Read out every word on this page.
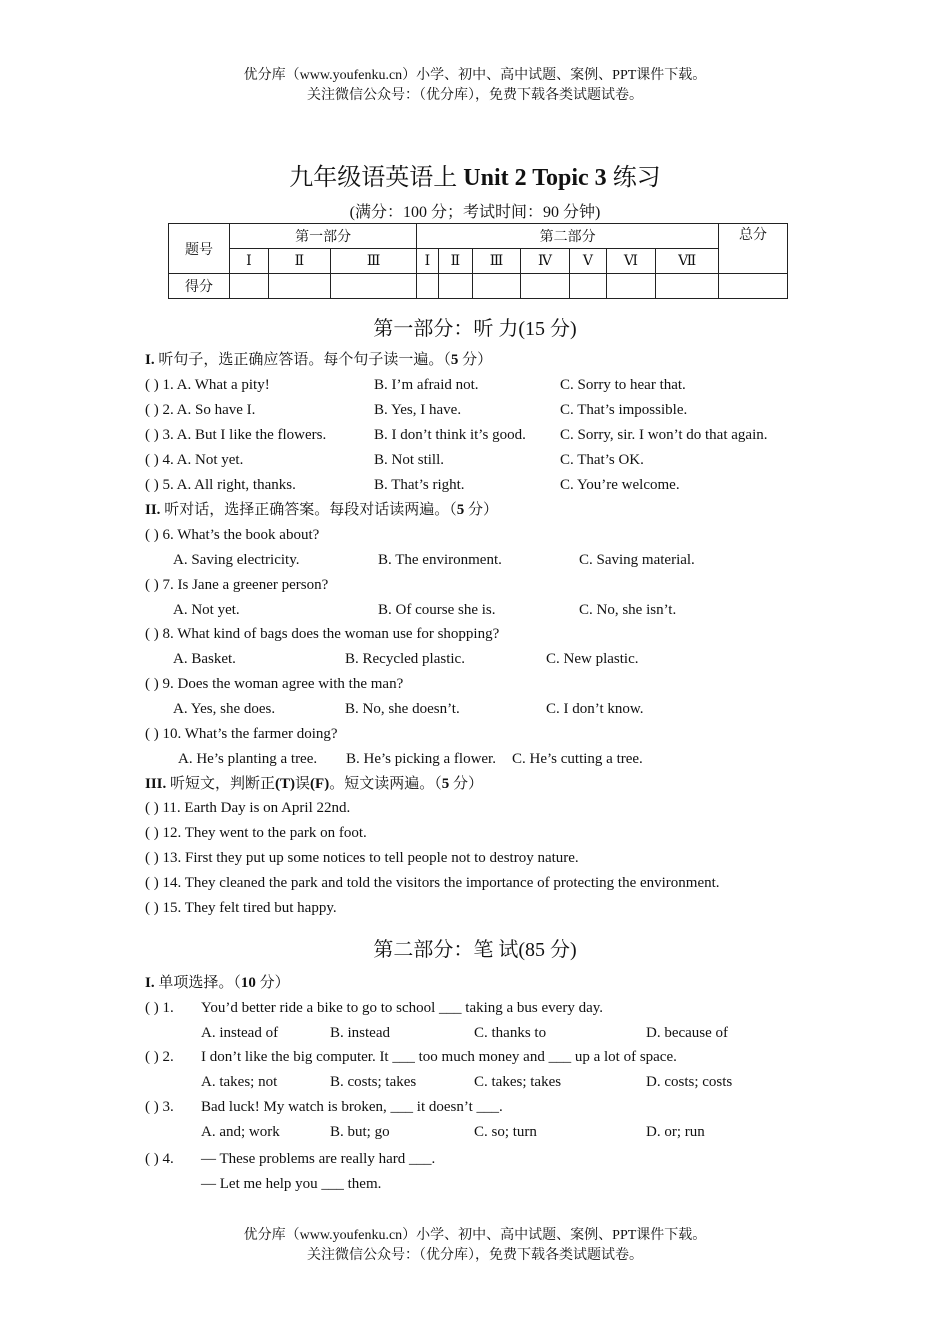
优分库（www.youfenku.cn）小学、初中、高中试题、案例、PPT课件下载。
关注微信公众号：（优分库），免费下载各类试题试卷。
九年级语英语上 Unit 2 Topic 3 练习
(满分：100 分；考试时间：90 分钟)
题号	第一部分			第二部分							总分
	Ⅰ	Ⅱ	Ⅲ	Ⅰ	Ⅱ	Ⅲ	Ⅳ	Ⅴ	Ⅵ	Ⅶ	
得分											
第一部分：听 力(15 分)
I. 听句子，选正确应答语。每个句子读一遍。（5 分）
( ) 1. A. What a pity!	B. I’m afraid not.	C. Sorry to hear that.
( ) 2. A. So have I.	B. Yes, I have.	C. That’s impossible.
( ) 3. A. But I like the flowers.	B. I don’t think it’s good. C. Sorry, sir. I won’t do that again.
( ) 4. A. Not yet.	B. Not still.	C. That’s OK.
( ) 5. A. All right, thanks.	B. That’s right.	C. You’re welcome.
II. 听对话，选择正确答案。每段对话读两遍。（5 分）
( ) 6. What’s the book about?
A. Saving electricity.	B. The environment.	C. Saving material.
( ) 7. Is Jane a greener person?
A. Not yet.	B. Of course she is.	C. No, she isn’t.
( ) 8. What kind of bags does the woman use for shopping?
A. Basket.	B. Recycled plastic.	C. New plastic.
( ) 9. Does the woman agree with the man?
A. Yes, she does.	B. No, she doesn’t.	C. I don’t know.
( ) 10. What’s the farmer doing?
A. He’s planting a tree. B. He’s picking a flower. C. He’s cutting a tree.
III. 听短文，判断正(T)误(F)。短文读两遍。（5 分）
( ) 11. Earth Day is on April 22nd.
( ) 12. They went to the park on foot.
( ) 13. First they put up some notices to tell people not to destroy nature.
( ) 14. They cleaned the park and told the visitors the importance of protecting the environment.
( ) 15. They felt tired but happy.
第二部分：笔 试(85 分)
I. 单项选择。（10 分）
( ) 1. You’d better ride a bike to go to school ___ taking a bus every day.
A. instead of	B. instead	C. thanks to	D. because of
( ) 2. I don’t like the big computer. It ___ too much money and ___ up a lot of space.
A. takes; not	B. costs; takes	C. takes; takes	D. costs; costs
( ) 3. Bad luck! My watch is broken, ___ it doesn’t ___.
A. and; work	B. but; go	C. so; turn	D. or; run
( ) 4. — These problems are really hard ___.
— Let me help you ___ them.
优分库（www.youfenku.cn）小学、初中、高中试题、案例、PPT课件下载。
关注微信公众号：（优分库），免费下载各类试题试卷。
